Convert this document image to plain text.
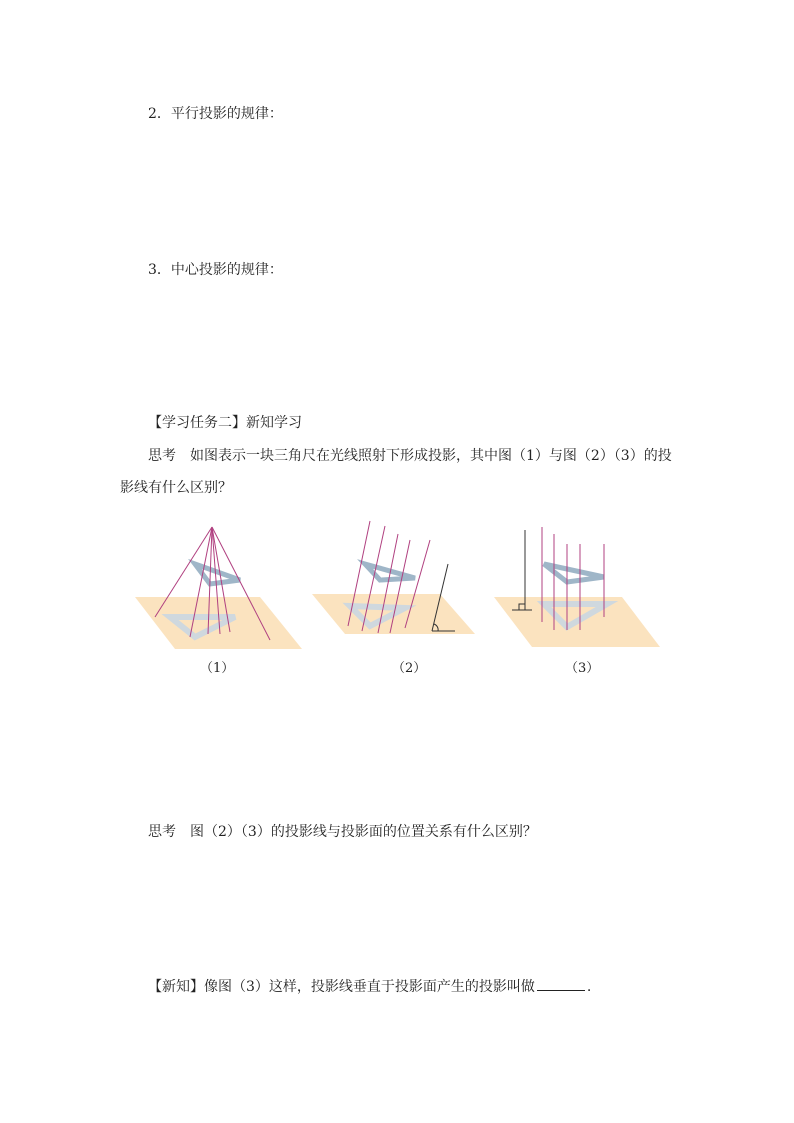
2．平行投影的规律：
3．中心投影的规律：
【学习任务二】新知学习
思考　如图表示一块三角尺在光线照射下形成投影，其中图（1）与图（2）（3）的投
影线有什么区别？
（1）	（2）	（3）
思考　图（2）（3）的投影线与投影面的位置关系有什么区别？
【新知】像图（3）这样，投影线垂直于投影面产生的投影叫做	.
